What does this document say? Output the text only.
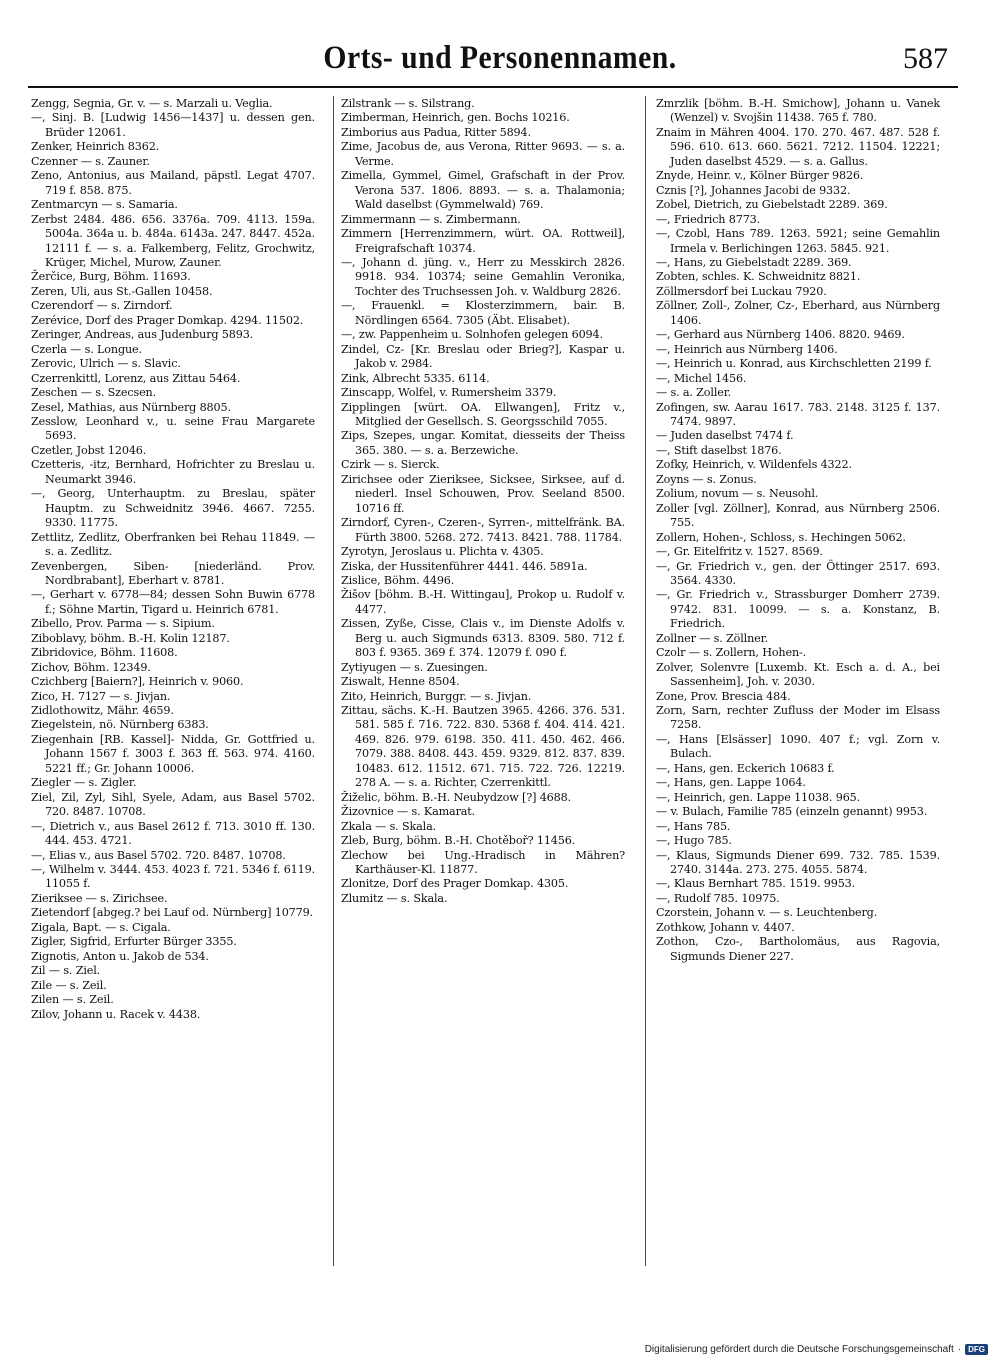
Orts- und Personennamen.	587

Zengg, Segnia, Gr. v. — s. Marzali u. Veglia.

—, Sinj. B. [Ludwig 1456—1437] u. dessen gen. Brüder 12061.

Zenker, Heinrich 8362.

Czenner — s. Zauner.

Zeno, Antonius, aus Mailand, päpstl. Legat 4707. 719 f. 858. 875.

Zentmarcyn — s. Samaria.

Zerbst 2484. 486. 656. 3376a. 709. 4113. 159a. 5004a. 364a u. b. 484a. 6143a. 247. 8447. 452a. 12111 f. — s. a. Falkemberg, Felitz, Grochwitz, Krüger, Michel, Murow, Zauner.

Žerčice, Burg, Böhm. 11693.

Zeren, Uli, aus St.-Gallen 10458.

Czerendorf — s. Zirndorf.

Zerévice, Dorf des Prager Domkap. 4294. 11502.

Zeringer, Andreas, aus Judenburg 5893.

Czerla — s. Longue.

Zerovic, Ulrich — s. Slavic.

Czerrenkittl, Lorenz, aus Zittau 5464.

Zeschen — s. Szecsen.

Zesel, Mathias, aus Nürnberg 8805.

Zesslow, Leonhard v., u. seine Frau Margarete 5693.

Czetler, Jobst 12046.

Czetteris, -itz, Bernhard, Hofrichter zu Breslau u. Neumarkt 3946.

—, Georg, Unterhauptm. zu Breslau, später Hauptm. zu Schweidnitz 3946. 4667. 7255. 9330. 11775.

Zettlitz, Zedlitz, Oberfranken bei Rehau 11849. — s. a. Zedlitz.

Zevenbergen, Siben- [niederländ. Prov. Nordbrabant], Eberhart v. 8781.

—, Gerhart v. 6778—84; dessen Sohn Buwin 6778 f.; Söhne Martin, Tigard u. Heinrich 6781.

Zibello, Prov. Parma — s. Sipium.

Ziboblavy, böhm. B.-H. Kolin 12187.

Zibridovice, Böhm. 11608.

Zichov, Böhm. 12349.

Czichberg [Baiern?], Heinrich v. 9060.

Zico, H. 7127 — s. Jivjan.

Zidlothowitz, Mähr. 4659.

Ziegelstein, nö. Nürnberg 6383.

Ziegenhain [RB. Kassel]- Nidda, Gr. Gottfried u. Johann 1567 f. 3003 f. 363 ff. 563. 974. 4160. 5221 ff.; Gr. Johann 10006.

Ziegler — s. Zigler.

Ziel, Zil, Zyl, Sihl, Syele, Adam, aus Basel 5702. 720. 8487. 10708.

—, Dietrich v., aus Basel 2612 f. 713. 3010 ff. 130. 444. 453. 4721.

—, Elias v., aus Basel 5702. 720. 8487. 10708.

—, Wilhelm v. 3444. 453. 4023 f. 721. 5346 f. 6119. 11055 f.

Zieriksee — s. Zirichsee.

Zietendorf [abgeg.? bei Lauf od. Nürnberg] 10779.

Zigala, Bapt. — s. Cigala.

Zigler, Sigfrid, Erfurter Bürger 3355.

Zignotis, Anton u. Jakob de 534.

Zil — s. Ziel.

Zile — s. Zeil.

Zilen — s. Zeil.

Zilov, Johann u. Racek v. 4438.

Zilstrank — s. Silstrang.

Zimberman, Heinrich, gen. Bochs 10216.

Zimborius aus Padua, Ritter 5894.

Zime, Jacobus de, aus Verona, Ritter 9693. — s. a. Verme.

Zimella, Gymmel, Gimel, Grafschaft in der Prov. Verona 537. 1806. 8893. — s. a. Thalamonia; Wald daselbst (Gymmelwald) 769.

Zimmermann — s. Zimbermann.

Zimmern [Herrenzimmern, würt. OA. Rottweil], Freigrafschaft 10374.

—, Johann d. jüng. v., Herr zu Messkirch 2826. 9918. 934. 10374; seine Gemahlin Veronika, Tochter des Truchsessen Joh. v. Waldburg 2826.

—, Frauenkl. = Klosterzimmern, bair. B. Nördlingen 6564. 7305 (Äbt. Elisabet).

—, zw. Pappenheim u. Solnhofen gelegen 6094.

Zindel, Cz- [Kr. Breslau oder Brieg?], Kaspar u. Jakob v. 2984.

Zink, Albrecht 5335. 6114.

Zinscapp, Wolfel, v. Rumersheim 3379.

Zipplingen [würt. OA. Ellwangen], Fritz v., Mitglied der Gesellsch. S. Georgsschild 7055.

Zips, Szepes, ungar. Komitat, diesseits der Theiss 365. 380. — s. a. Berzewiche.

Czirk — s. Sierck.

Zirichsee oder Zieriksee, Sicksee, Sirksee, auf d. niederl. Insel Schouwen, Prov. Seeland 8500. 10716 ff.

Zirndorf, Cyren-, Czeren-, Syrren-, mittelfränk. BA. Fürth 3800. 5268. 272. 7413. 8421. 788. 11784.

Zyrotyn, Jeroslaus u. Plichta v. 4305.

Ziska, der Hussitenführer 4441. 446. 5891a.

Zislice, Böhm. 4496.

Žišov [böhm. B.-H. Wittingau], Prokop u. Rudolf v. 4477.

Zissen, Zyße, Cisse, Clais v., im Dienste Adolfs v. Berg u. auch Sigmunds 6313. 8309. 580. 712 f. 803 f. 9365. 369 f. 374. 12079 f. 090 f.

Zytiyugen — s. Zuesingen.

Ziswalt, Henne 8504.

Zito, Heinrich, Burggr. — s. Jivjan.

Zittau, sächs. K.-H. Bautzen 3965. 4266. 376. 531. 581. 585 f. 716. 722. 830. 5368 f. 404. 414. 421. 469. 826. 979. 6198. 350. 411. 450. 462. 466. 7079. 388. 8408. 443. 459. 9329. 812. 837. 839. 10483. 612. 11512. 671. 715. 722. 726. 12219. 278 A. — s. a. Richter, Czerrenkittl.

Žiželic, böhm. B.-H. Neubydzow [?] 4688.

Žizovnice — s. Kamarat.

Zkala — s. Skala.

Zleb, Burg, böhm. B.-H. Chotěboř? 11456.

Zlechow bei Ung.-Hradisch in Mähren? Karthäuser-Kl. 11877.

Zlonitze, Dorf des Prager Domkap. 4305.

Zlumitz — s. Skala.

Zmrzlik [böhm. B.-H. Smichow], Johann u. Vanek (Wenzel) v. Svojšin 11438. 765 f. 780.

Znaim in Mähren 4004. 170. 270. 467. 487. 528 f. 596. 610. 613. 660. 5621. 7212. 11504. 12221; Juden daselbst 4529. — s. a. Gallus.

Znyde, Heinr. v., Kölner Bürger 9826.

Cznis [?], Johannes Jacobi de 9332.

Zobel, Dietrich, zu Giebelstadt 2289. 369.

—, Friedrich 8773.

—, Czobl, Hans 789. 1263. 5921; seine Gemahlin Irmela v. Berlichingen 1263. 5845. 921.

—, Hans, zu Giebelstadt 2289. 369.

Zobten, schles. K. Schweidnitz 8821.

Zöllmersdorf bei Luckau 7920.

Zöllner, Zoll-, Zolner, Cz-, Eberhard, aus Nürnberg 1406.

—, Gerhard aus Nürnberg 1406. 8820. 9469.

—, Heinrich aus Nürnberg 1406.

—, Heinrich u. Konrad, aus Kirchschletten 2199 f.

—, Michel 1456.

— s. a. Zoller.

Zofingen, sw. Aarau 1617. 783. 2148. 3125 f. 137. 7474. 9897.

— Juden daselbst 7474 f.

—, Stift daselbst 1876.

Zofky, Heinrich, v. Wildenfels 4322.

Zoyns — s. Zonus.

Zolium, novum — s. Neusohl.

Zoller [vgl. Zöllner], Konrad, aus Nürnberg 2506. 755.

Zollern, Hohen-, Schloss, s. Hechingen 5062.

—, Gr. Eitelfritz v. 1527. 8569.

—, Gr. Friedrich v., gen. der Öttinger 2517. 693. 3564. 4330.

—, Gr. Friedrich v., Strassburger Domherr 2739. 9742. 831. 10099. — s. a. Konstanz, B. Friedrich.

Zollner — s. Zöllner.

Czolr — s. Zollern, Hohen-.

Zolver, Solenvre [Luxemb. Kt. Esch a. d. A., bei Sassenheim], Joh. v. 2030.

Zone, Prov. Brescia 484.

Zorn, Sarn, rechter Zufluss der Moder im Elsass 7258.

—, Hans [Elsässer] 1090. 407 f.; vgl. Zorn v. Bulach.

—, Hans, gen. Eckerich 10683 f.

—, Hans, gen. Lappe 1064.

—, Heinrich, gen. Lappe 11038. 965.

— v. Bulach, Familie 785 (einzeln genannt) 9953.

—, Hans 785.

—, Hugo 785.

—, Klaus, Sigmunds Diener 699. 732. 785. 1539. 2740. 3144a. 273. 275. 4055. 5874.

—, Klaus Bernhart 785. 1519. 9953.

—, Rudolf 785. 10975.

Czorstein, Johann v. — s. Leuchtenberg.

Zothkow, Johann v. 4407.

Zothon, Czo-, Bartholomäus, aus Ragovia, Sigmunds Diener 227.

Digitalisierung gefördert durch die Deutsche Forschungsgemeinschaft · DFG
